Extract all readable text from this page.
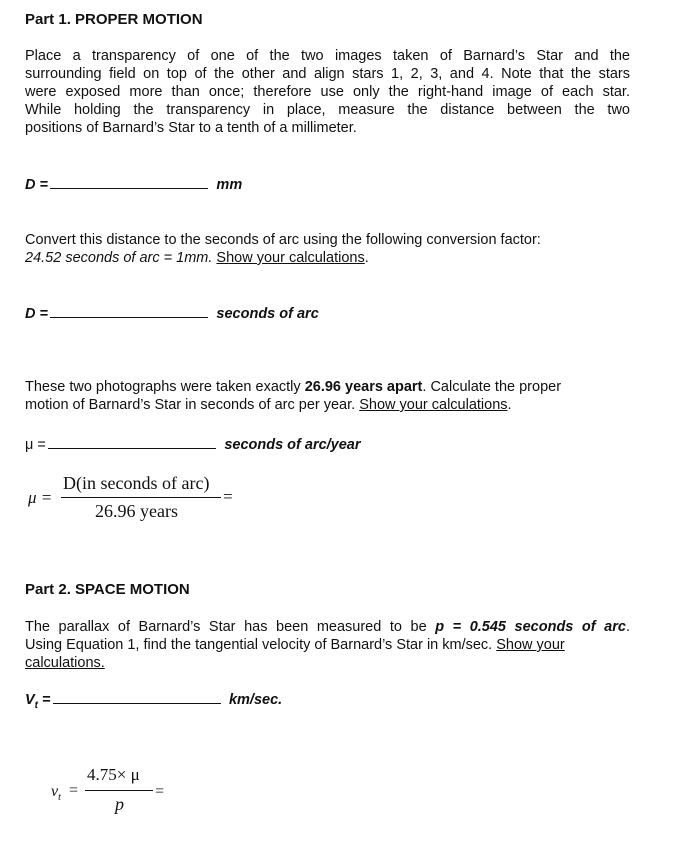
Part 1. PROPER MOTION
Place a transparency of one of the two images taken of Barnard’s Star and the
surrounding field on top of the other and align stars 1, 2, 3, and 4. Note that the stars
were exposed more than once; therefore use only the right-hand image of each star.
While holding the transparency in place, measure the distance between the two
positions of Barnard’s Star to a tenth of a millimeter.
D =	mm
Convert this distance to the seconds of arc using the following conversion factor:
24.52 seconds of arc = 1mm. Show your calculations.
D =	seconds of arc
These two photographs were taken exactly 26.96 years apart. Calculate the proper
motion of Barnard’s Star in seconds of arc per year. Show your calculations.
μ =	seconds of arc/year
μ =
D(in seconds of arc)
26.96 years
=
Part 2. SPACE MOTION
The parallax of Barnard’s Star has been measured to be p = 0.545 seconds of arc.
Using Equation 1, find the tangential velocity of Barnard’s Star in km/sec. Show your
calculations.
$V_t$ =	km/sec.
$v_t$ =
4.75× μ
p
=
